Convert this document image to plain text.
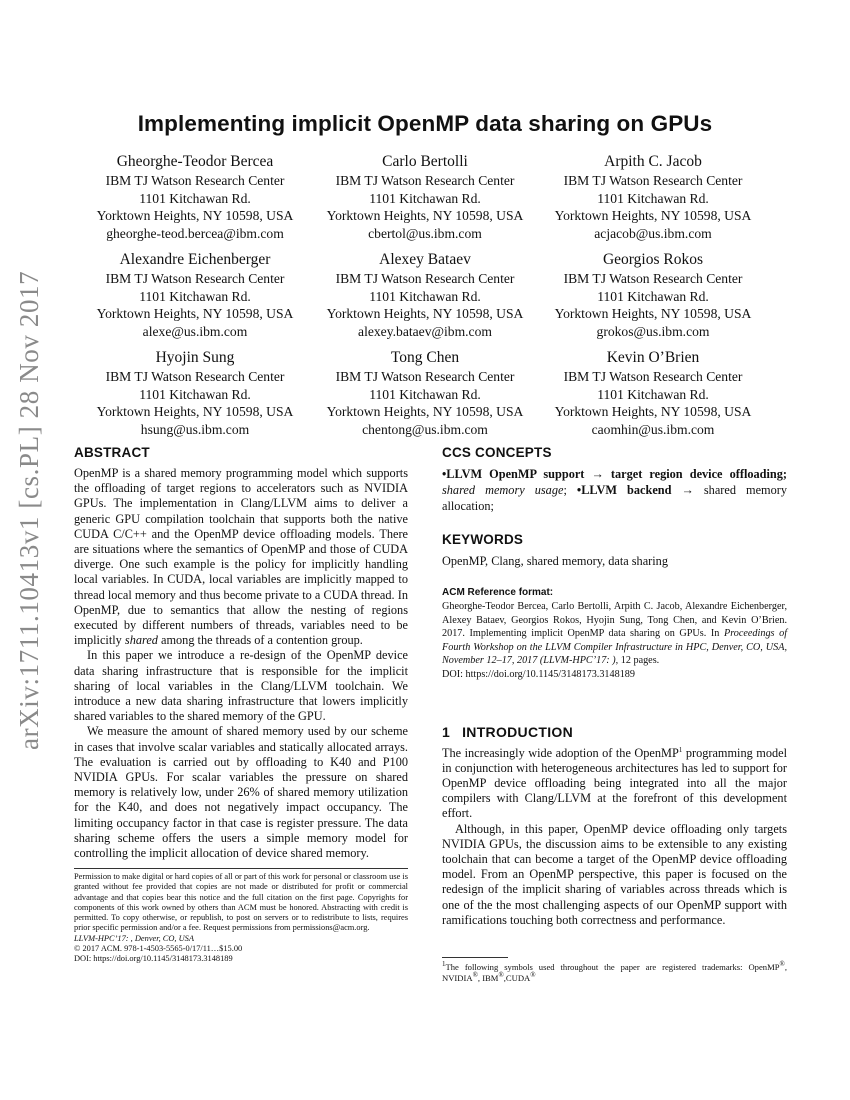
arXiv:1711.10413v1 [cs.PL] 28 Nov 2017
Implementing implicit OpenMP data sharing on GPUs
Gheorghe-Teodor Bercea
IBM TJ Watson Research Center
1101 Kitchawan Rd.
Yorktown Heights, NY 10598, USA
gheorghe-teod.bercea@ibm.com
Carlo Bertolli
IBM TJ Watson Research Center
1101 Kitchawan Rd.
Yorktown Heights, NY 10598, USA
cbertol@us.ibm.com
Arpith C. Jacob
IBM TJ Watson Research Center
1101 Kitchawan Rd.
Yorktown Heights, NY 10598, USA
acjacob@us.ibm.com
Alexandre Eichenberger
IBM TJ Watson Research Center
1101 Kitchawan Rd.
Yorktown Heights, NY 10598, USA
alexe@us.ibm.com
Alexey Bataev
IBM TJ Watson Research Center
1101 Kitchawan Rd.
Yorktown Heights, NY 10598, USA
alexey.bataev@ibm.com
Georgios Rokos
IBM TJ Watson Research Center
1101 Kitchawan Rd.
Yorktown Heights, NY 10598, USA
grokos@us.ibm.com
Hyojin Sung
IBM TJ Watson Research Center
1101 Kitchawan Rd.
Yorktown Heights, NY 10598, USA
hsung@us.ibm.com
Tong Chen
IBM TJ Watson Research Center
1101 Kitchawan Rd.
Yorktown Heights, NY 10598, USA
chentong@us.ibm.com
Kevin O’Brien
IBM TJ Watson Research Center
1101 Kitchawan Rd.
Yorktown Heights, NY 10598, USA
caomhin@us.ibm.com
ABSTRACT

OpenMP is a shared memory programming model which supports the offloading of target regions to accelerators such as NVIDIA GPUs. The implementation in Clang/LLVM aims to deliver a generic GPU compilation toolchain that supports both the native CUDA C/C++ and the OpenMP device offloading models. There are situations where the semantics of OpenMP and those of CUDA diverge. One such example is the policy for implicitly handling local variables. In CUDA, local variables are implicitly mapped to thread local memory and thus become private to a CUDA thread. In OpenMP, due to semantics that allow the nesting of regions executed by different numbers of threads, variables need to be implicitly shared among the threads of a contention group.

In this paper we introduce a re-design of the OpenMP device data sharing infrastructure that is responsible for the implicit sharing of local variables in the Clang/LLVM toolchain. We introduce a new data sharing infrastructure that lowers implicitly shared variables to the shared memory of the GPU.

We measure the amount of shared memory used by our scheme in cases that involve scalar variables and statically allocated arrays. The evaluation is carried out by offloading to K40 and P100 NVIDIA GPUs. For scalar variables the pressure on shared memory is relatively low, under 26% of shared memory utilization for the K40, and does not negatively impact occupancy. The limiting occupancy factor in that case is register pressure. The data sharing scheme offers the users a simple memory model for controlling the implicit allocation of device shared memory.

Permission to make digital or hard copies of all or part of this work for personal or classroom use is granted without fee provided that copies are not made or distributed for profit or commercial advantage and that copies bear this notice and the full citation on the first page. Copyrights for components of this work owned by others than ACM must be honored. Abstracting with credit is permitted. To copy otherwise, or republish, to post on servers or to redistribute to lists, requires prior specific permission and/or a fee. Request permissions from permissions@acm.org.
LLVM-HPC’17: , Denver, CO, USA
© 2017 ACM. 978-1-4503-5565-0/17/11…$15.00
DOI: https://doi.org/10.1145/3148173.3148189
CCS CONCEPTS
•LLVM OpenMP support → target region device offloading; shared memory usage; •LLVM backend → shared memory allocation;
KEYWORDS
OpenMP, Clang, shared memory, data sharing
ACM Reference format:
Gheorghe-Teodor Bercea, Carlo Bertolli, Arpith C. Jacob, Alexandre Eichenberger, Alexey Bataev, Georgios Rokos, Hyojin Sung, Tong Chen, and Kevin O’Brien. 2017. Implementing implicit OpenMP data sharing on GPUs. In Proceedings of Fourth Workshop on the LLVM Compiler Infrastructure in HPC, Denver, CO, USA, November 12–17, 2017 (LLVM-HPC’17: ), 12 pages.
DOI: https://doi.org/10.1145/3148173.3148189
1 INTRODUCTION

The increasingly wide adoption of the OpenMP$^1$ programming model in conjunction with heterogeneous architectures has led to support for OpenMP device offloading being integrated into all the major compilers with Clang/LLVM at the forefront of this development effort.

Although, in this paper, OpenMP device offloading only targets NVIDIA GPUs, the discussion aims to be extensible to any existing toolchain that can become a target of the OpenMP device offloading model. From an OpenMP perspective, this paper is focused on the redesign of the implicit sharing of variables across threads which is one of the the most challenging aspects of our OpenMP support with ramifications touching both correctness and performance.

$^1$The following symbols used throughout the paper are registered trademarks: OpenMP®, NVIDIA®, IBM®,CUDA®
